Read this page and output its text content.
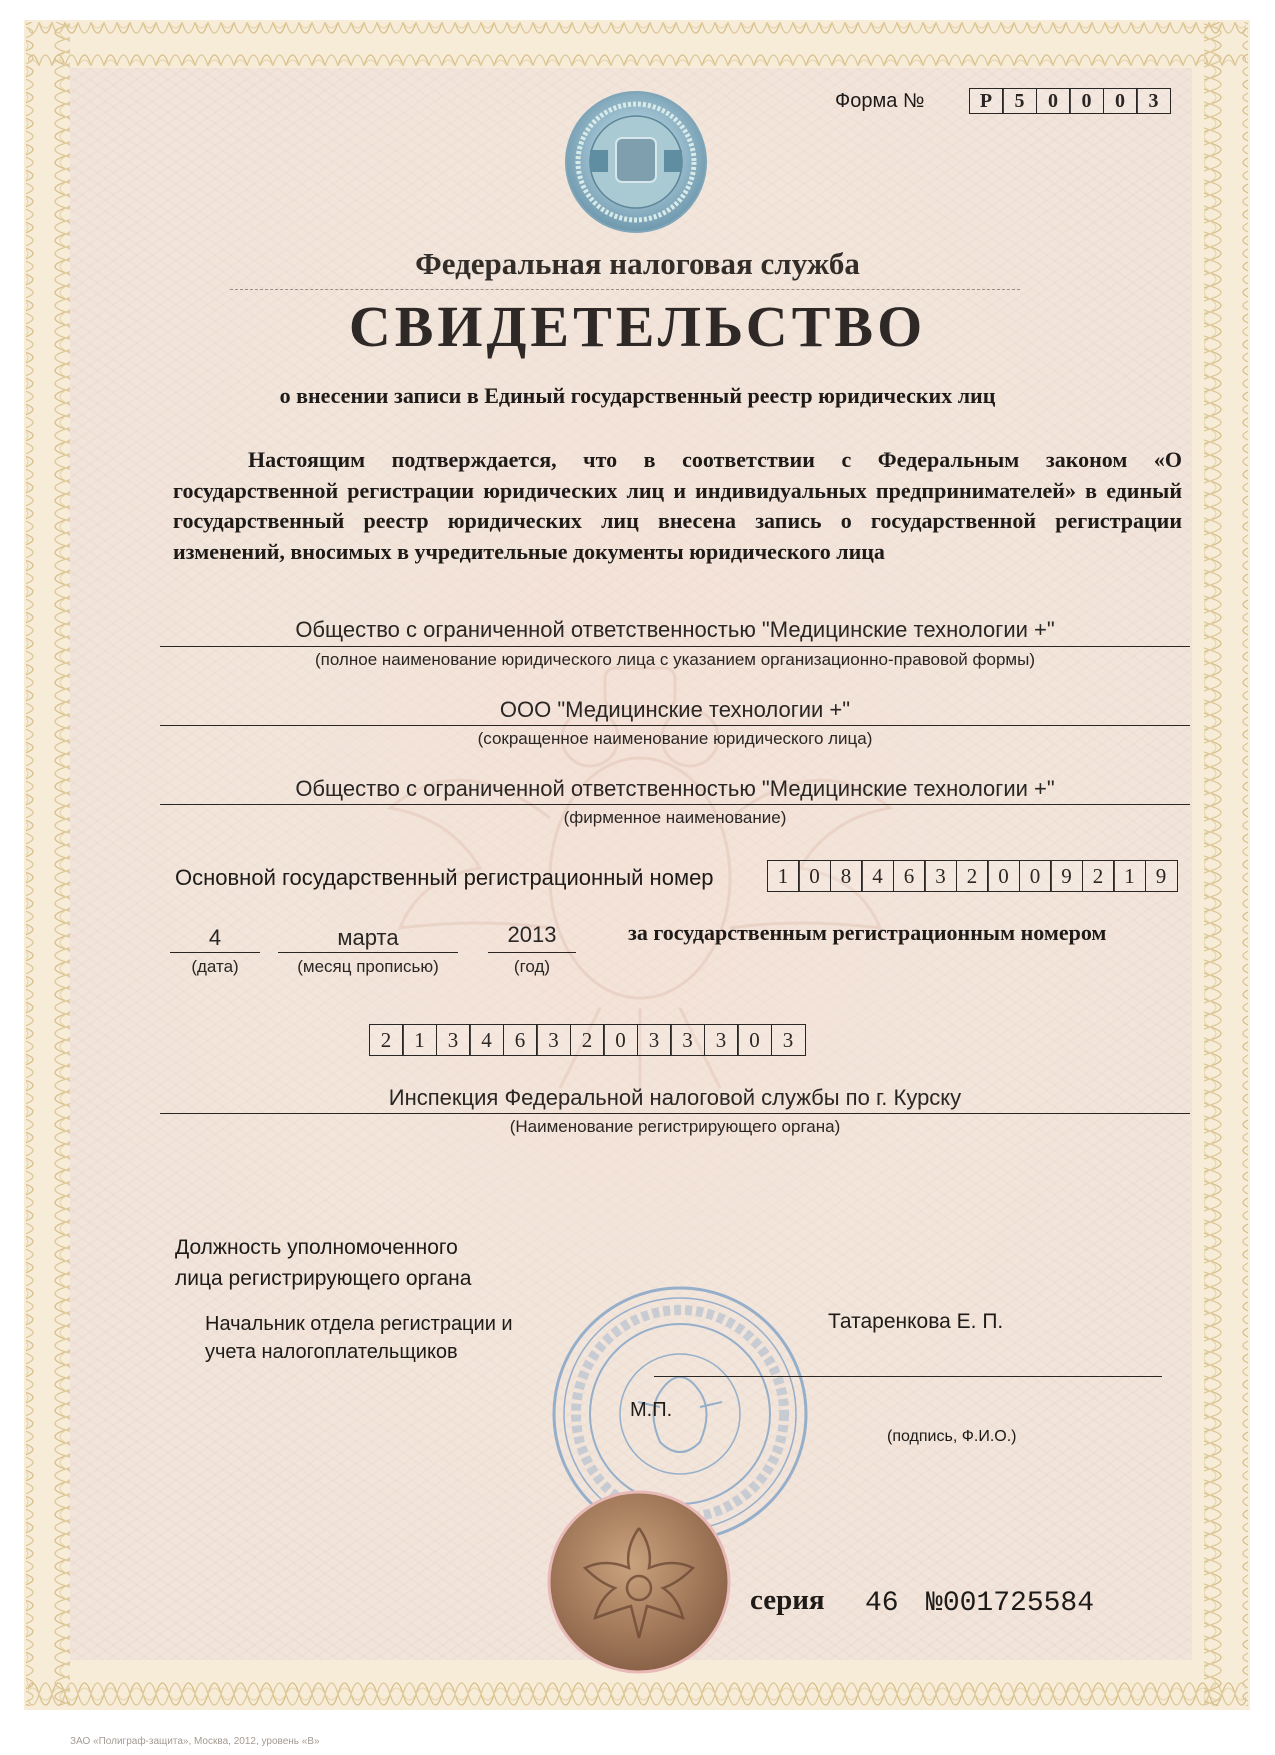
Форма №	Р	5	0	0	0	3
Федеральная налоговая служба
СВИДЕТЕЛЬСТВО
о внесении записи в Единый государственный реестр юридических лиц
Настоящим подтверждается, что в соответствии с Федеральным законом «О государственной регистрации юридических лиц и индивидуальных предпринимателей» в единый государственный реестр юридических лиц внесена запись о государственной регистрации изменений, вносимых в учредительные документы юридического лица
Общество с ограниченной ответственностью "Медицинские технологии +"
(полное наименование юридического лица с указанием организационно-правовой формы)
ООО "Медицинские технологии +"
(сокращенное наименование юридического лица)
Общество с ограниченной ответственностью "Медицинские технологии +"
(фирменное наименование)
Основной государственный регистрационный номер	1	0	8	4	6	3	2	0	0	9	2	1	9
4
(дата)
марта
(месяц прописью)
2013
(год)
за государственным регистрационным номером
2	1	3	4	6	3	2	0	3	3	3	0	3
Инспекция Федеральной налоговой службы по г. Курску
(Наименование регистрирующего органа)
Должность уполномоченного
лица регистрирующего органа
Начальник отдела регистрации и
учета налогоплательщиков
М.П.
Татаренкова Е. П.
(подпись, Ф.И.О.)
серия 46 №001725584
ЗАО «Полиграф-защита», Москва, 2012, уровень «В»
